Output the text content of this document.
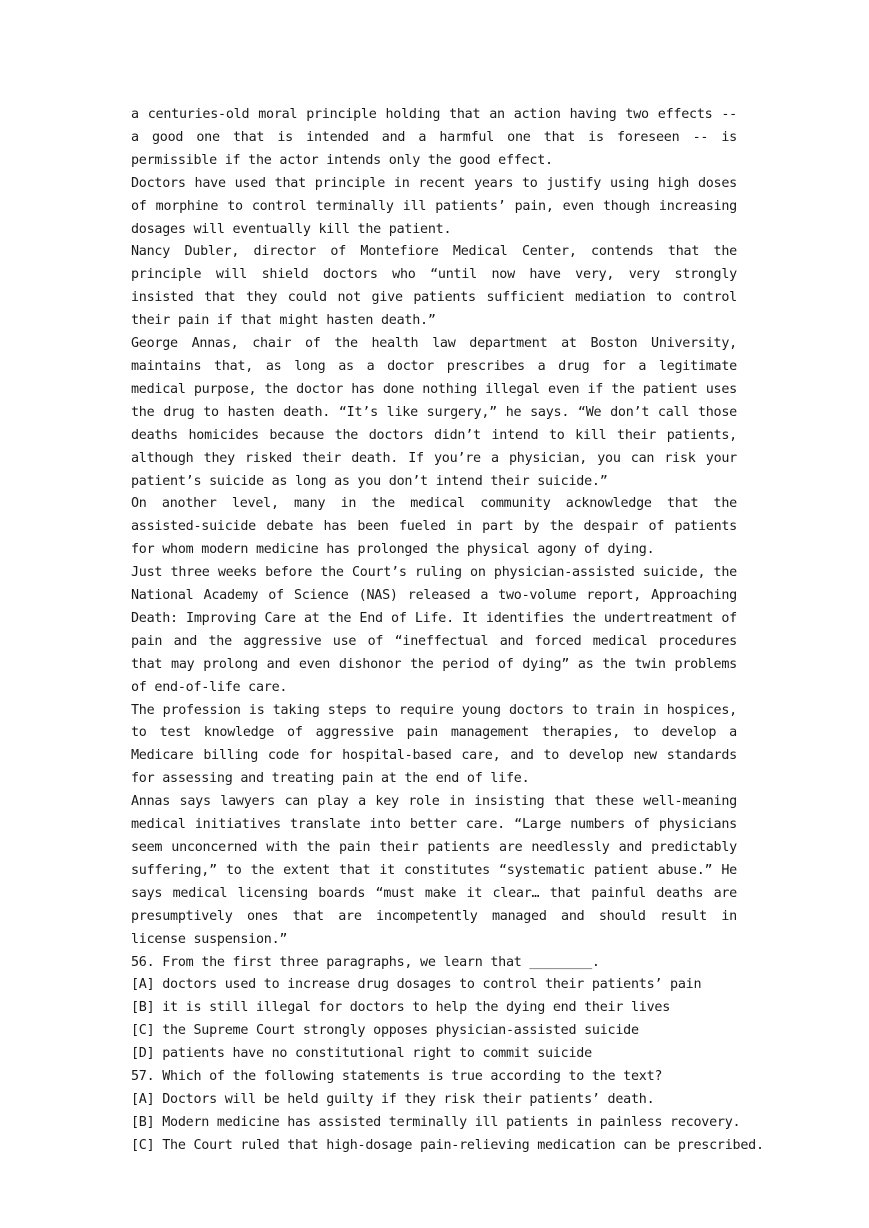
a centuries-old moral principle holding that an action having two effects -- a good one that is intended and a harmful one that is foreseen -- is permissible if the actor intends only the good effect.

Doctors have used that principle in recent years to justify using high doses of morphine to control terminally ill patients’ pain, even though increasing dosages will eventually kill the patient.

Nancy Dubler, director of Montefiore Medical Center, contends that the principle will shield doctors who “until now have very, very strongly insisted that they could not give patients sufficient mediation to control their pain if that might hasten death.”

George Annas, chair of the health law department at Boston University, maintains that, as long as a doctor prescribes a drug for a legitimate medical purpose, the doctor has done nothing illegal even if the patient uses the drug to hasten death. “It’s like surgery,” he says. “We don’t call those deaths homicides because the doctors didn’t intend to kill their patients, although they risked their death. If you’re a physician, you can risk your patient’s suicide as long as you don’t intend their suicide.”

On another level, many in the medical community acknowledge that the assisted-suicide debate has been fueled in part by the despair of patients for whom modern medicine has prolonged the physical agony of dying.

Just three weeks before the Court’s ruling on physician-assisted suicide, the National Academy of Science (NAS) released a two-volume report, Approaching Death: Improving Care at the End of Life. It identifies the undertreatment of pain and the aggressive use of “ineffectual and forced medical procedures that may prolong and even dishonor the period of dying” as the twin problems of end-of-life care.

The profession is taking steps to require young doctors to train in hospices, to test knowledge of aggressive pain management therapies, to develop a Medicare billing code for hospital-based care, and to develop new standards for assessing and treating pain at the end of life.

Annas says lawyers can play a key role in insisting that these well-meaning medical initiatives translate into better care. “Large numbers of physicians seem unconcerned with the pain their patients are needlessly and predictably suffering,” to the extent that it constitutes “systematic patient abuse.” He says medical licensing boards “must make it clear… that painful deaths are presumptively ones that are incompetently managed and should result in license suspension.”

56. From the first three paragraphs, we learn that ________.

[A] doctors used to increase drug dosages to control their patients’ pain

[B] it is still illegal for doctors to help the dying end their lives

[C] the Supreme Court strongly opposes physician-assisted suicide

[D] patients have no constitutional right to commit suicide

57. Which of the following statements is true according to the text?

[A] Doctors will be held guilty if they risk their patients’ death.

[B] Modern medicine has assisted terminally ill patients in painless recovery.

[C] The Court ruled that high-dosage pain-relieving medication can be prescribed.
